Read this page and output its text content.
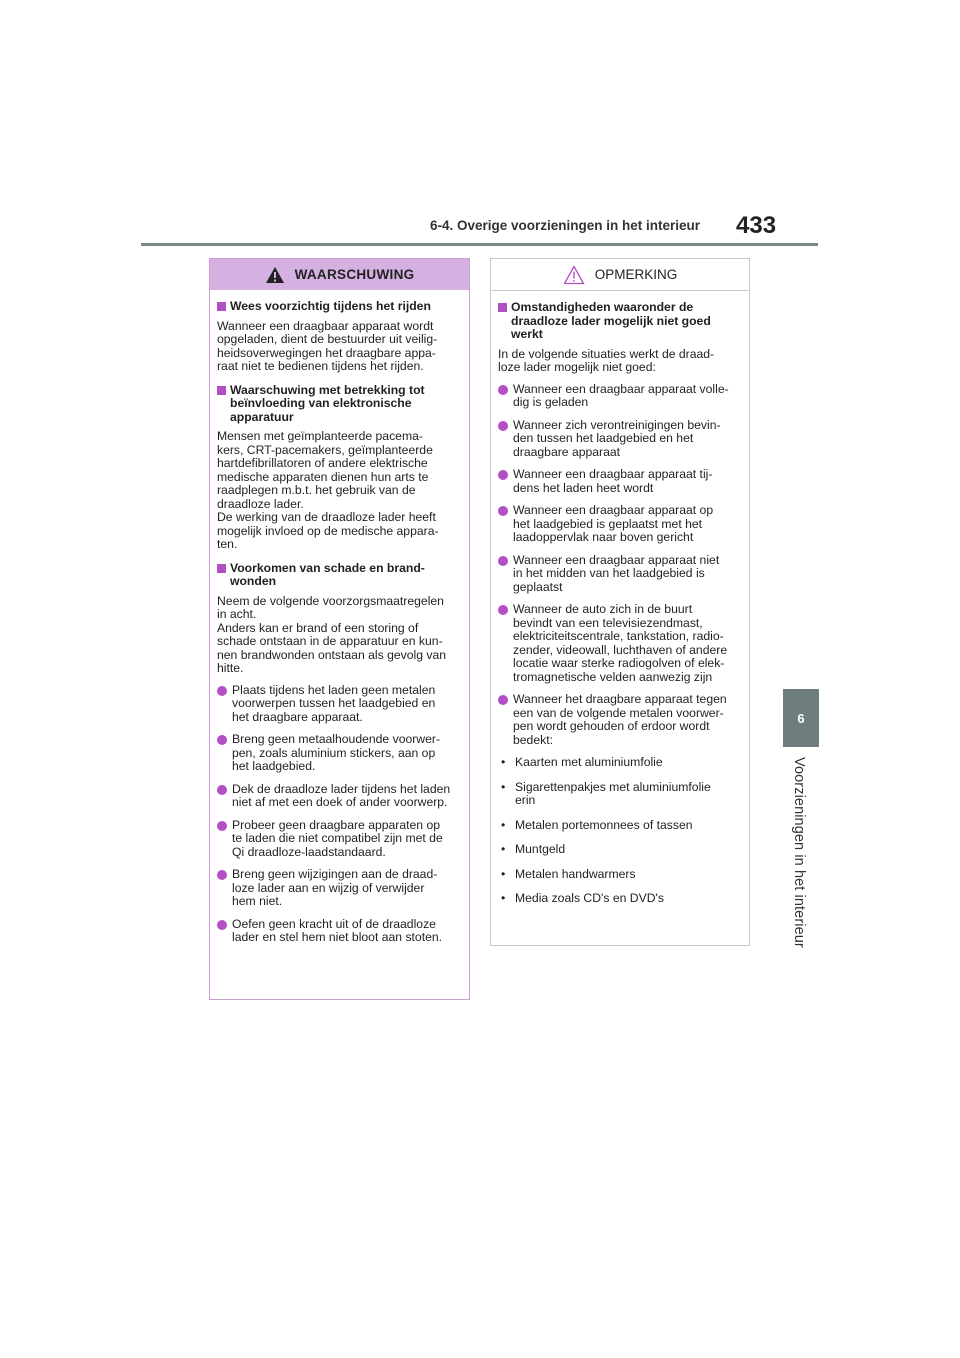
6-4. Overige voorzieningen in het interieur 433
6
Voorzieningen in het interieur
WAARSCHUWING
Wees voorzichtig tijdens het rijden

Wanneer een draagbaar apparaat wordt
opgeladen, dient de bestuurder uit veilig-
heidsoverwegingen het draagbare appa-
raat niet te bedienen tijdens het rijden.

Waarschuwing met betrekking tot
beïnvloeding van elektronische
apparatuur

Mensen met geïmplanteerde pacema-
kers, CRT-pacemakers, geïmplanteerde
hartdefibrillatoren of andere elektrische
medische apparaten dienen hun arts te
raadplegen m.b.t. het gebruik van de
draadloze lader.
De werking van de draadloze lader heeft
mogelijk invloed op de medische appara-
ten.

Voorkomen van schade en brand-
wonden

Neem de volgende voorzorgsmaatregelen
in acht.
Anders kan er brand of een storing of
schade ontstaan in de apparatuur en kun-
nen brandwonden ontstaan als gevolg van
hitte.

Plaats tijdens het laden geen metalen
voorwerpen tussen het laadgebied en
het draagbare apparaat.
Breng geen metaalhoudende voorwer-
pen, zoals aluminium stickers, aan op
het laadgebied.
Dek de draadloze lader tijdens het laden
niet af met een doek of ander voorwerp.
Probeer geen draagbare apparaten op
te laden die niet compatibel zijn met de
Qi draadloze-laadstandaard.
Breng geen wijzigingen aan de draad-
loze lader aan en wijzig of verwijder
hem niet.
Oefen geen kracht uit of de draadloze
lader en stel hem niet bloot aan stoten.
OPMERKING
Omstandigheden waaronder de
draadloze lader mogelijk niet goed
werkt

In de volgende situaties werkt de draad-
loze lader mogelijk niet goed:

Wanneer een draagbaar apparaat volle-
dig is geladen
Wanneer zich verontreinigingen bevin-
den tussen het laadgebied en het
draagbare apparaat
Wanneer een draagbaar apparaat tij-
dens het laden heet wordt
Wanneer een draagbaar apparaat op
het laadgebied is geplaatst met het
laadoppervlak naar boven gericht
Wanneer een draagbaar apparaat niet
in het midden van het laadgebied is
geplaatst
Wanneer de auto zich in de buurt
bevindt van een televisiezendmast,
elektriciteitscentrale, tankstation, radio-
zender, videowall, luchthaven of andere
locatie waar sterke radiogolven of elek-
tromagnetische velden aanwezig zijn
Wanneer het draagbare apparaat tegen
een van de volgende metalen voorwer-
pen wordt gehouden of erdoor wordt
bedekt:
• Kaarten met aluminiumfolie
• Sigarettenpakjes met aluminiumfolie
erin
• Metalen portemonnees of tassen
• Muntgeld
• Metalen handwarmers
• Media zoals CD's en DVD's
